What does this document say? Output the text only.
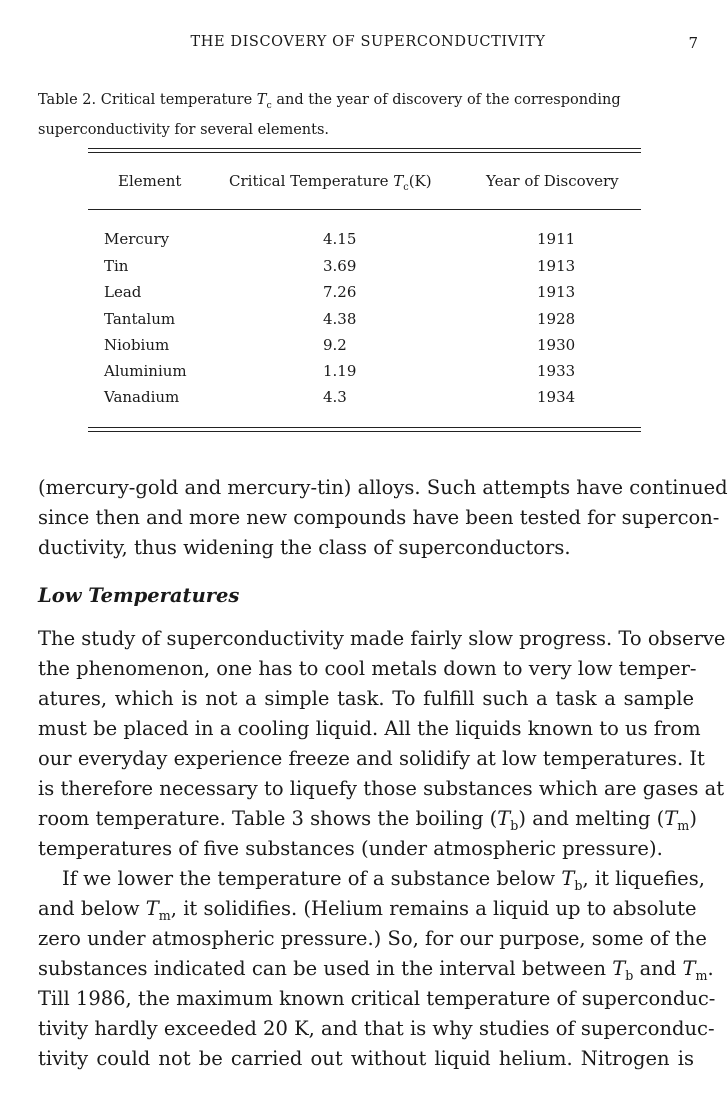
THE DISCOVERY OF SUPERCONDUCTIVITY	7
Table 2. Critical temperature $T_c$ and the year of discovery of the corresponding
superconductivity for several elements.
Element	Critical Temperature $T_c(K)$	Year of Discovery
Mercury	4.15	1911
Tin	3.69	1913
Lead	7.26	1913
Tantalum	4.38	1928
Niobium	9.2	1930
Aluminium	1.19	1933
Vanadium	4.3	1934
(mercury-gold and mercury-tin) alloys. Such attempts have continued
since then and more new compounds have been tested for supercon-
ductivity, thus widening the class of superconductors.
Low Temperatures
The study of superconductivity made fairly slow progress. To observe
the phenomenon, one has to cool metals down to very low temper-
atures, which is not a simple task. To fulfill such a task a sample
must be placed in a cooling liquid. All the liquids known to us from
our everyday experience freeze and solidify at low temperatures. It
is therefore necessary to liquefy those substances which are gases at
room temperature. Table 3 shows the boiling $(T_b)$ and melting $(T_m)$
temperatures of five substances (under atmospheric pressure).
If we lower the temperature of a substance below $T_b$, it liquefies,
and below $T_m$, it solidifies. (Helium remains a liquid up to absolute
zero under atmospheric pressure.) So, for our purpose, some of the
substances indicated can be used in the interval between $T_b$ and $T_m$.
Till 1986, the maximum known critical temperature of superconduc-
tivity hardly exceeded 20 K, and that is why studies of superconduc-
tivity could not be carried out without liquid helium. Nitrogen is
